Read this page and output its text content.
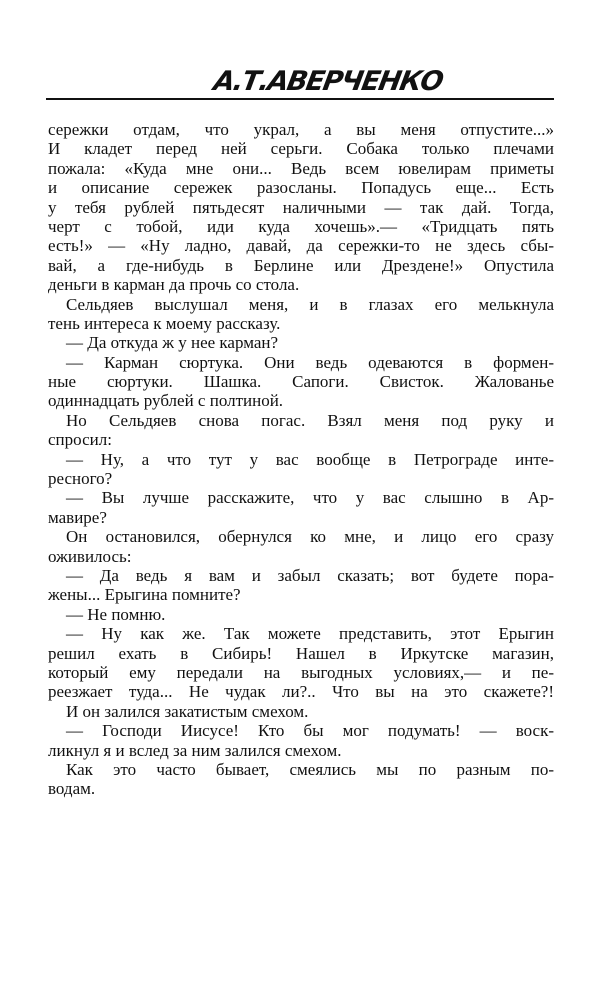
А.Т.АВЕРЧЕНКО
сережки отдам, что украл, а вы меня отпустите...»
И кладет перед ней серьги. Собака только плечами
пожала: «Куда мне они... Ведь всем ювелирам приметы
и описание сережек разосланы. Попадусь еще... Есть
у тебя рублей пятьдесят наличными — так дай. Тогда,
черт с тобой, иди куда хочешь».— «Тридцать пять
есть!» — «Ну ладно, давай, да сережки-то не здесь сбы-
вай, а где-нибудь в Берлине или Дрездене!» Опустила
деньги в карман да прочь со стола.
Сельдяев выслушал меня, и в глазах его мелькнула
тень интереса к моему рассказу.
— Да откуда ж у нее карман?
— Карман сюртука. Они ведь одеваются в формен-
ные сюртуки. Шашка. Сапоги. Свисток. Жалованье
одиннадцать рублей с полтиной.
Но Сельдяев снова погас. Взял меня под руку и
спросил:
— Ну, а что тут у вас вообще в Петрограде инте-
ресного?
— Вы лучше расскажите, что у вас слышно в Ар-
мавире?
Он остановился, обернулся ко мне, и лицо его сразу
оживилось:
— Да ведь я вам и забыл сказать; вот будете пора-
жены... Ерыгина помните?
— Не помню.
— Ну как же. Так можете представить, этот Ерыгин
решил ехать в Сибирь! Нашел в Иркутске магазин,
который ему передали на выгодных условиях,— и пе-
реезжает туда... Не чудак ли?.. Что вы на это скажете?!
И он залился закатистым смехом.
— Господи Иисусе! Кто бы мог подумать! — воск-
ликнул я и вслед за ним залился смехом.
Как это часто бывает, смеялись мы по разным по-
водам.
